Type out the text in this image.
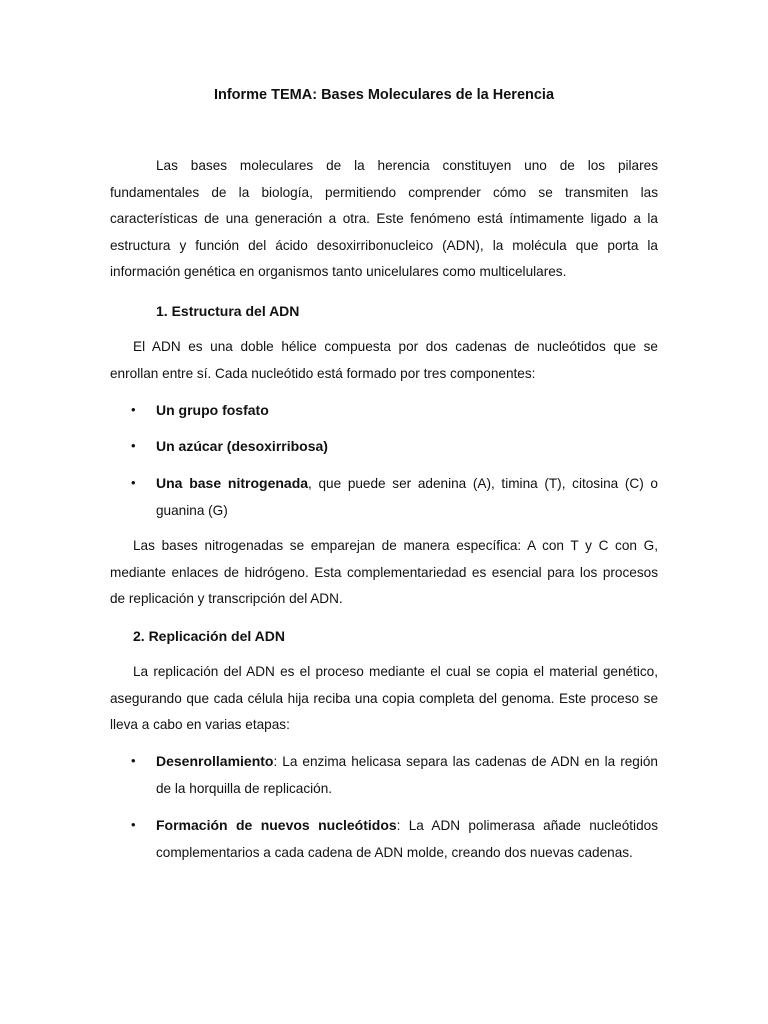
Informe TEMA: Bases Moleculares de la Herencia
Las bases moleculares de la herencia constituyen uno de los pilares fundamentales de la biología, permitiendo comprender cómo se transmiten las características de una generación a otra. Este fenómeno está íntimamente ligado a la estructura y función del ácido desoxirribonucleico (ADN), la molécula que porta la información genética en organismos tanto unicelulares como multicelulares.
1. Estructura del ADN
El ADN es una doble hélice compuesta por dos cadenas de nucleótidos que se enrollan entre sí. Cada nucleótido está formado por tres componentes:
• Un grupo fosfato
• Un azúcar (desoxirribosa)
• Una base nitrogenada, que puede ser adenina (A), timina (T), citosina (C) o guanina (G)
Las bases nitrogenadas se emparejan de manera específica: A con T y C con G, mediante enlaces de hidrógeno. Esta complementariedad es esencial para los procesos de replicación y transcripción del ADN.
2. Replicación del ADN
La replicación del ADN es el proceso mediante el cual se copia el material genético, asegurando que cada célula hija reciba una copia completa del genoma. Este proceso se lleva a cabo en varias etapas:
• Desenrollamiento: La enzima helicasa separa las cadenas de ADN en la región de la horquilla de replicación.
• Formación de nuevos nucleótidos: La ADN polimerasa añade nucleótidos complementarios a cada cadena de ADN molde, creando dos nuevas cadenas.
